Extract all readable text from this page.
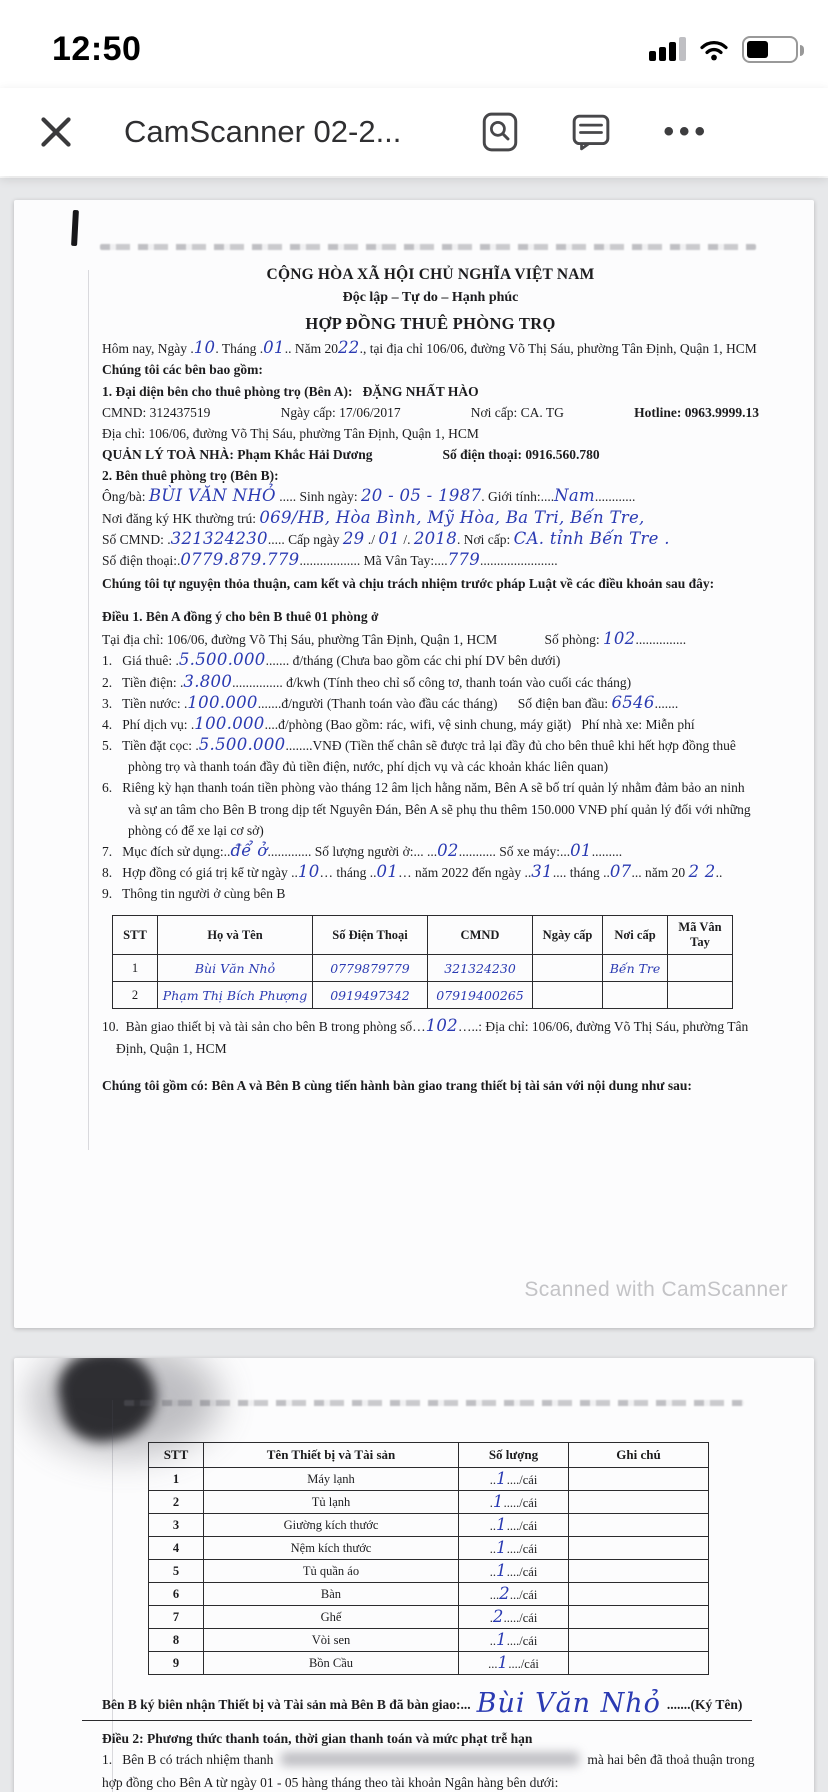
12:50
CamScanner 02-2...	•••
CỘNG HÒA XÃ HỘI CHỦ NGHĨA VIỆT NAM
Độc lập – Tự do – Hạnh phúc
HỢP ĐỒNG THUÊ PHÒNG TRỌ
Hôm nay, Ngày .10. Tháng .01.. Năm 2022., tại địa chỉ 106/06, đường Võ Thị Sáu, phường Tân Định, Quận 1, HCM
Chúng tôi các bên bao gồm:
1. Đại diện bên cho thuê phòng trọ (Bên A):   ĐẶNG NHẤT HÀO
CMND: 312437519	Ngày cấp: 17/06/2017	Nơi cấp: CA. TG	Hotline: 0963.9999.13
Địa chỉ: 106/06, đường Võ Thị Sáu, phường Tân Định, Quận 1, HCM
QUẢN LÝ TOÀ NHÀ: Phạm Khắc Hải Dương	Số điện thoại: 0916.560.780
2. Bên thuê phòng trọ (Bên B):
Ông/bà: BÙI VĂN NHỎ ..... Sinh ngày: 20 - 05 - 1987. Giới tính:....Nam............
Nơi đăng ký HK thường trú: 069/HB, Hòa Bình, Mỹ Hòa, Ba Tri, Bến Tre,
Số CMND: .321324230..... Cấp ngày 29 ./ 01 /. 2018. Nơi cấp: CA. tỉnh Bến Tre .
Số điện thoại:.0779.879.779.................. Mã Vân Tay:....779.......................
Chúng tôi tự nguyện thỏa thuận, cam kết và chịu trách nhiệm trước pháp Luật về các điều khoản sau đây:
Điều 1. Bên A đồng ý cho bên B thuê 01 phòng ở
Tại địa chỉ: 106/06, đường Võ Thị Sáu, phường Tân Định, Quận 1, HCM              Số phòng: 102...............
1.   Giá thuê: .5.500.000....... đ/tháng (Chưa bao gồm các chi phí DV bên dưới)
2.   Tiền điện: .3.800............... đ/kwh (Tính theo chỉ số công tơ, thanh toán vào cuối các tháng)
3.   Tiền nước: .100.000.......đ/người (Thanh toán vào đầu các tháng)      Số điện ban đầu: 6546.......
4.   Phí dịch vụ: .100.000....đ/phòng (Bao gồm: rác, wifi, vệ sinh chung, máy giặt)   Phí nhà xe: Miễn phí
5.   Tiền đặt cọc: .5.500.000........VNĐ (Tiền thế chân sẽ được trả lại đầy đủ cho bên thuê khi hết hợp đồng thuê
phòng trọ và thanh toán đầy đủ tiền điện, nước, phí dịch vụ và các khoản khác liên quan)
6.   Riêng kỳ hạn thanh toán tiền phòng vào tháng 12 âm lịch hằng năm, Bên A sẽ bố trí quản lý nhằm đảm bảo an ninh
và sự an tâm cho Bên B trong dịp tết Nguyên Đán, Bên A sẽ phụ thu thêm 150.000 VNĐ phí quản lý đối với những
phòng có để xe lại cơ sở)
7.   Mục đích sử dụng:..để ở............. Số lượng người ở:... ...02........... Số xe máy:...01.........
8.   Hợp đồng có giá trị kể từ ngày ..10… tháng ..01… năm 2022 đến ngày ..31.... tháng ..07... năm 20 2 2..
9.   Thông tin người ở cùng bên B
STT	Họ và Tên	Số Điện Thoại	CMND	Ngày cấp	Nơi cấp	Mã Vân Tay
1	Bùi Văn Nhỏ	0779879779	321324230		Bến Tre	
2	Phạm Thị Bích Phượng	0919497342	07919400265			
10.  Bàn giao thiết bị và tài sản cho bên B trong phòng số…102…..: Địa chỉ: 106/06, đường Võ Thị Sáu, phường Tân
Định, Quận 1, HCM
Chúng tôi gồm có: Bên A và Bên B cùng tiến hành bàn giao trang thiết bị tài sản với nội dung như sau:
Scanned with CamScanner
STT	Tên Thiết bị và Tài sản	Số lượng	Ghi chú
1	Máy lạnh	..1..../cái	
2	Tủ lạnh	.1...../cái	
3	Giường kích thước	..1..../cái	
4	Nệm kích thước	..1..../cái	
5	Tủ quần áo	..1..../cái	
6	Bàn	...2.../cái	
7	Ghế	.2...../cái	
8	Vòi sen	..1..../cái	
9	Bồn Cầu	...1..../cái	
Bên B ký biên nhận Thiết bị và Tài sản mà Bên B đã bàn giao:... Bùi Văn Nhỏ .......(Ký Tên)
Điều 2: Phương thức thanh toán, thời gian thanh toán và mức phạt trễ hạn
1.   Bên B có trách nhiệm thanh	mà hai bên đã thoả thuận trong
hợp đồng cho Bên A từ ngày 01 - 05 hàng tháng theo tài khoản Ngân hàng bên dưới:
